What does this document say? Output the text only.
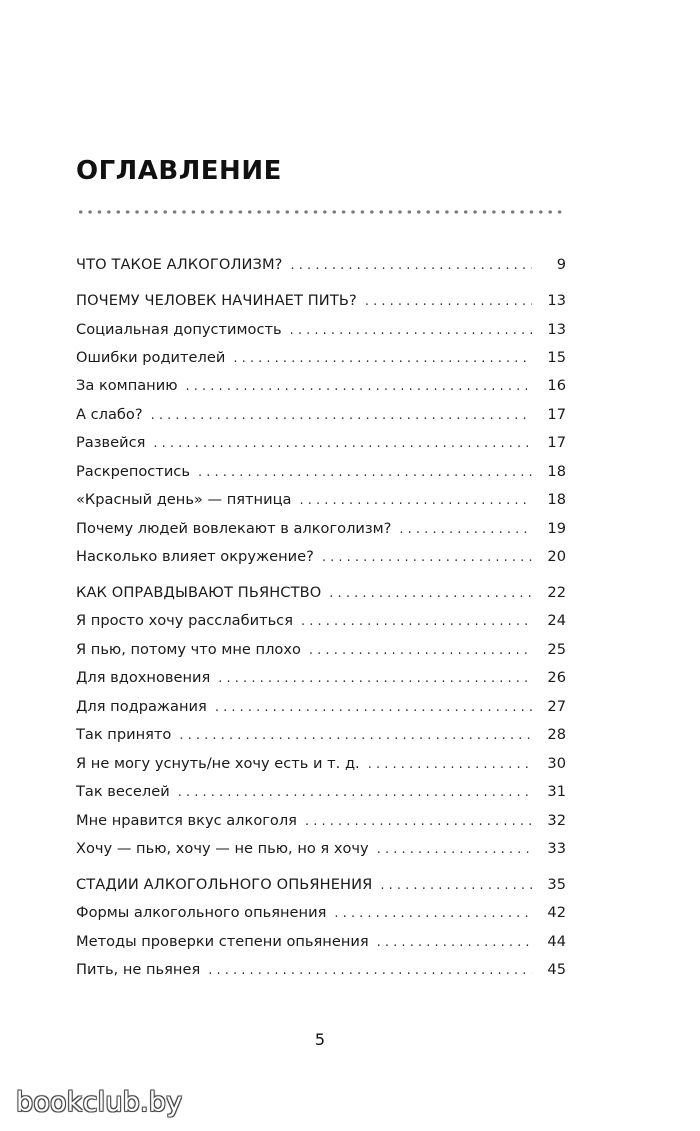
ОГЛАВЛЕНИЕ
ЧТО ТАКОЕ АЛКОГОЛИЗМ? . . .	9
ПОЧЕМУ ЧЕЛОВЕК НАЧИНАЕТ ПИТЬ? . . .	13
Социальная допустимость . . .	13
Ошибки родителей . . .	15
За компанию . . .	16
А слабо? . . .	17
Развейся . . .	17
Раскрепостись . . .	18
«Красный день» — пятница . . .	18
Почему людей вовлекают в алкоголизм? . . .	19
Насколько влияет окружение? . . .	20
КАК ОПРАВДЫВАЮТ ПЬЯНСТВО . . .	22
Я просто хочу расслабиться . . .	24
Я пью, потому что мне плохо . . .	25
Для вдохновения . . .	26
Для подражания . . .	27
Так принято . . .	28
Я не могу уснуть/не хочу есть и т. д. . . .	30
Так веселей . . .	31
Мне нравится вкус алкоголя . . .	32
Хочу — пью, хочу — не пью, но я хочу . . .	33
СТАДИИ АЛКОГОЛЬНОГО ОПЬЯНЕНИЯ . . .	35
Формы алкогольного опьянения . . .	42
Методы проверки степени опьянения . . .	44
Пить, не пьянея . . .	45
5
bookclub.by
